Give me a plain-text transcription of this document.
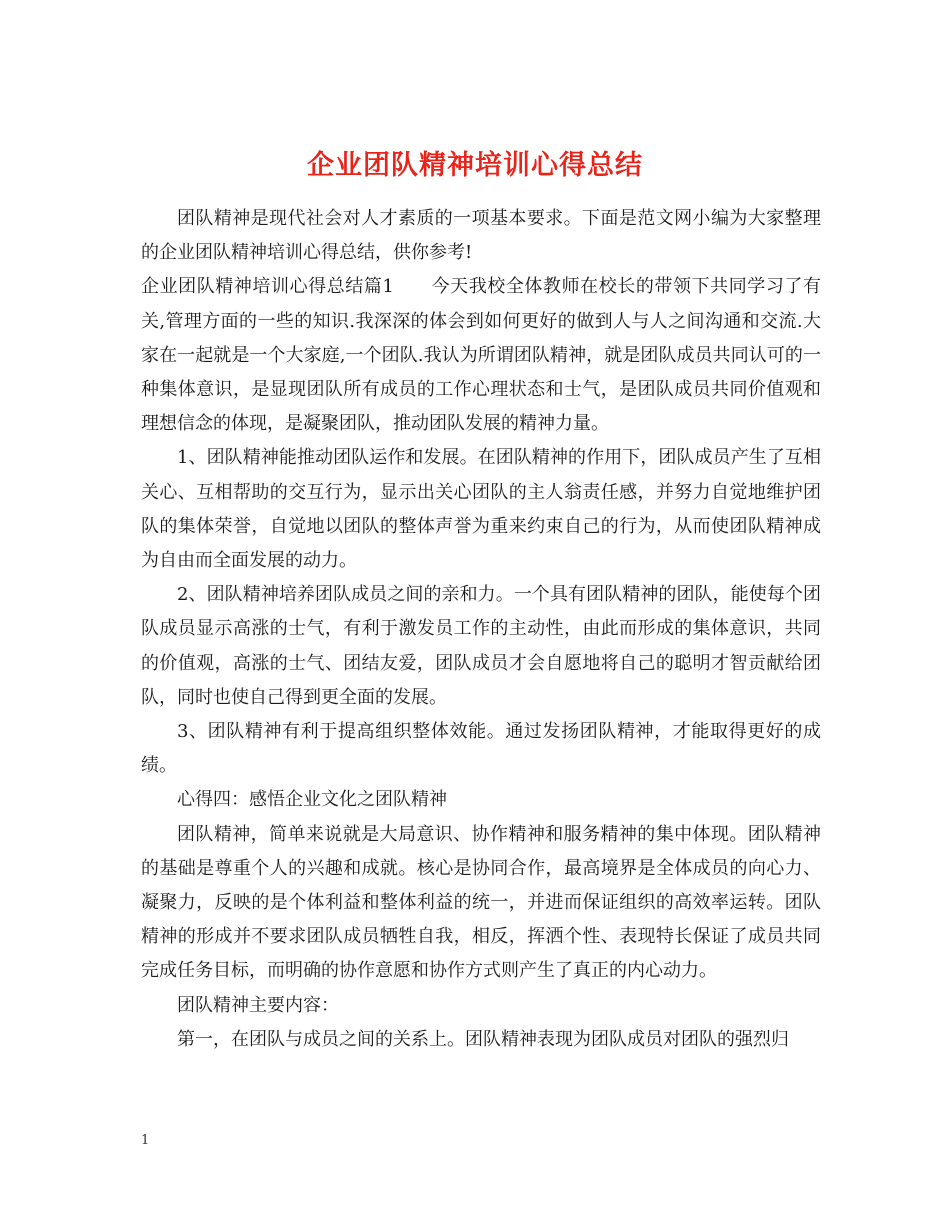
企业团队精神培训心得总结

团队精神是现代社会对人才素质的一项基本要求。下面是范文网小编为大家整理的企业团队精神培训心得总结，供你参考!

企业团队精神培训心得总结篇1　　今天我校全体教师在校长的带领下共同学习了有关,管理方面的一些的知识.我深深的体会到如何更好的做到人与人之间沟通和交流.大家在一起就是一个大家庭,一个团队.我认为所谓团队精神，就是团队成员共同认可的一种集体意识，是显现团队所有成员的工作心理状态和士气，是团队成员共同价值观和理想信念的体现，是凝聚团队，推动团队发展的精神力量。

1、团队精神能推动团队运作和发展。在团队精神的作用下，团队成员产生了互相关心、互相帮助的交互行为，显示出关心团队的主人翁责任感，并努力自觉地维护团队的集体荣誉，自觉地以团队的整体声誉为重来约束自己的行为，从而使团队精神成为自由而全面发展的动力。

2、团队精神培养团队成员之间的亲和力。一个具有团队精神的团队，能使每个团队成员显示高涨的士气，有利于激发员工作的主动性，由此而形成的集体意识，共同的价值观，高涨的士气、团结友爱，团队成员才会自愿地将自己的聪明才智贡献给团队，同时也使自己得到更全面的发展。

3、团队精神有利于提高组织整体效能。通过发扬团队精神，才能取得更好的成绩。

心得四：感悟企业文化之团队精神

团队精神，简单来说就是大局意识、协作精神和服务精神的集中体现。团队精神的基础是尊重个人的兴趣和成就。核心是协同合作，最高境界是全体成员的向心力、凝聚力，反映的是个体利益和整体利益的统一，并进而保证组织的高效率运转。团队精神的形成并不要求团队成员牺牲自我，相反，挥洒个性、表现特长保证了成员共同完成任务目标，而明确的协作意愿和协作方式则产生了真正的内心动力。

团队精神主要内容：

第一，在团队与成员之间的关系上。团队精神表现为团队成员对团队的强烈归

1
